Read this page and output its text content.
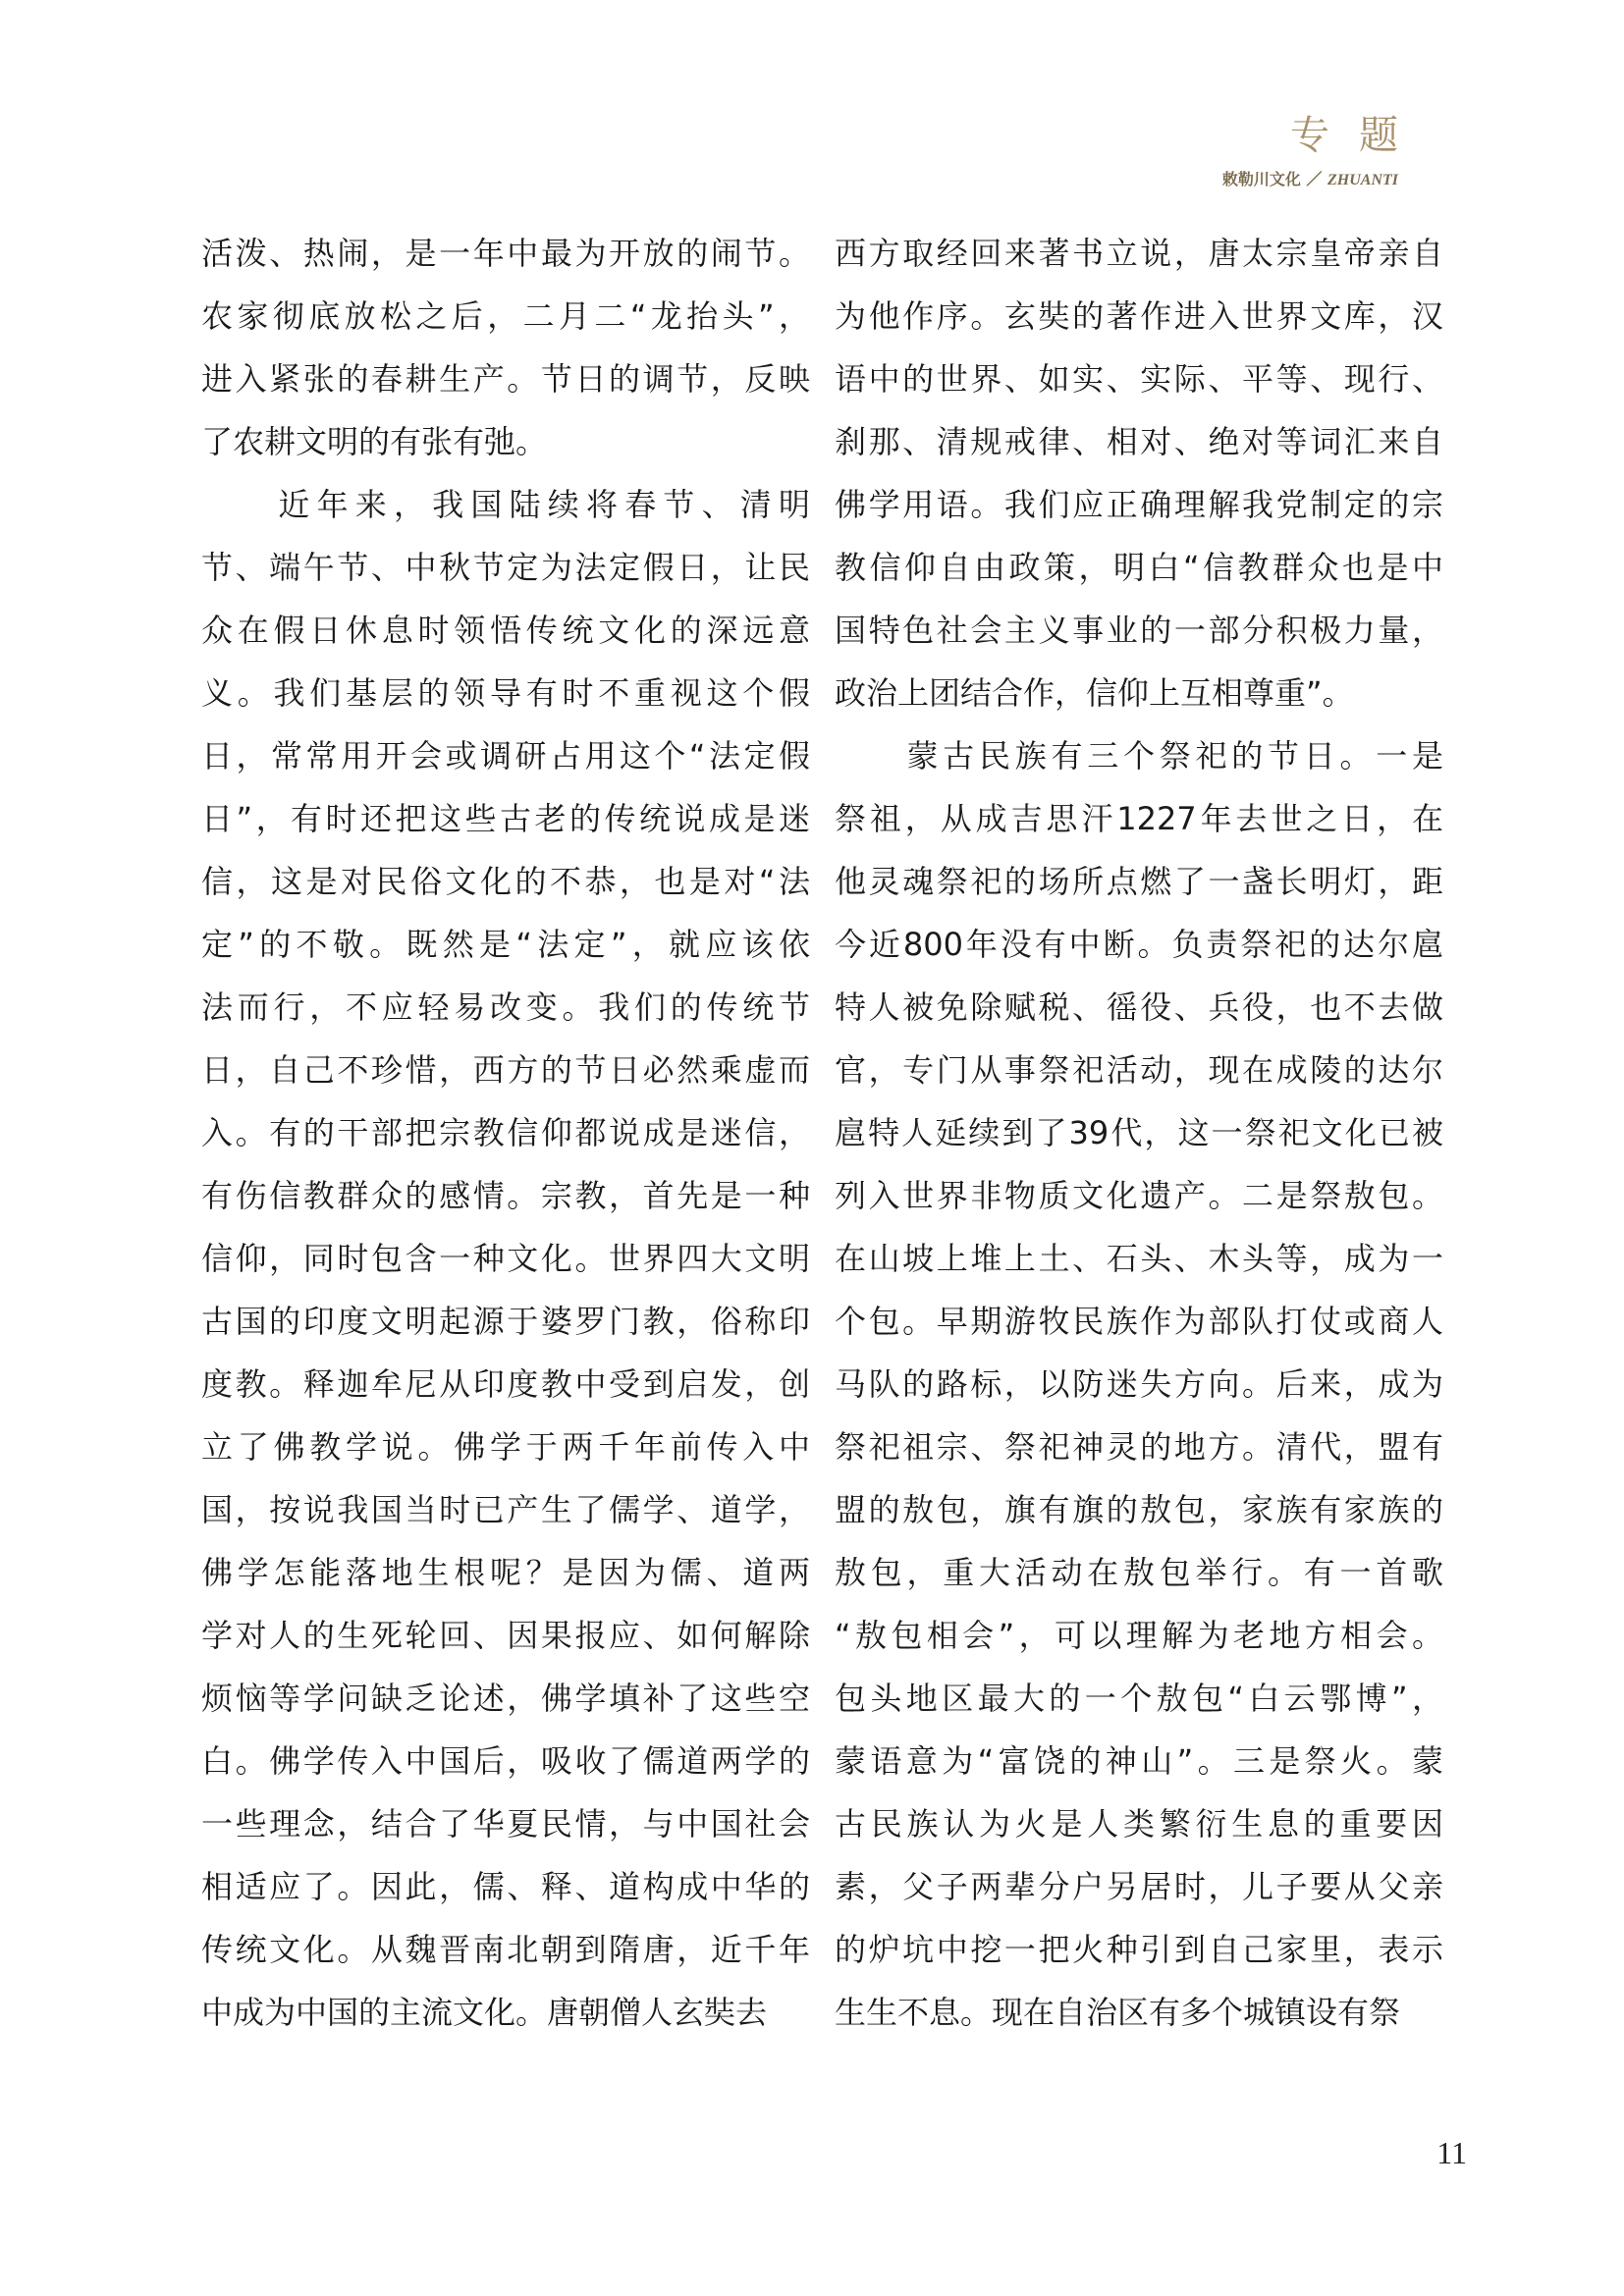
专题
敕勒川文化 ／ ZHUANTI
活泼、热闹，是一年中最为开放的闹节。
农家彻底放松之后，二月二“龙抬头”，
进入紧张的春耕生产。节日的调节，反映
了农耕文明的有张有弛。
　　近年来，我国陆续将春节、清明
节、端午节、中秋节定为法定假日，让民
众在假日休息时领悟传统文化的深远意
义。我们基层的领导有时不重视这个假
日，常常用开会或调研占用这个“法定假
日”，有时还把这些古老的传统说成是迷
信，这是对民俗文化的不恭，也是对“法
定”的不敬。既然是“法定”，就应该依
法而行，不应轻易改变。我们的传统节
日，自己不珍惜，西方的节日必然乘虚而
入。有的干部把宗教信仰都说成是迷信，
有伤信教群众的感情。宗教，首先是一种
信仰，同时包含一种文化。世界四大文明
古国的印度文明起源于婆罗门教，俗称印
度教。释迦牟尼从印度教中受到启发，创
立了佛教学说。佛学于两千年前传入中
国，按说我国当时已产生了儒学、道学，
佛学怎能落地生根呢？是因为儒、道两
学对人的生死轮回、因果报应、如何解除
烦恼等学问缺乏论述，佛学填补了这些空
白。佛学传入中国后，吸收了儒道两学的
一些理念，结合了华夏民情，与中国社会
相适应了。因此，儒、释、道构成中华的
传统文化。从魏晋南北朝到隋唐，近千年
中成为中国的主流文化。唐朝僧人玄奘去
西方取经回来著书立说，唐太宗皇帝亲自
为他作序。玄奘的著作进入世界文库，汉
语中的世界、如实、实际、平等、现行、
刹那、清规戒律、相对、绝对等词汇来自
佛学用语。我们应正确理解我党制定的宗
教信仰自由政策，明白“信教群众也是中
国特色社会主义事业的一部分积极力量，
政治上团结合作，信仰上互相尊重”。
　　蒙古民族有三个祭祀的节日。一是
祭祖，从成吉思汗1227年去世之日，在
他灵魂祭祀的场所点燃了一盏长明灯，距
今近800年没有中断。负责祭祀的达尔扈
特人被免除赋税、徭役、兵役，也不去做
官，专门从事祭祀活动，现在成陵的达尔
扈特人延续到了39代，这一祭祀文化已被
列入世界非物质文化遗产。二是祭敖包。
在山坡上堆上土、石头、木头等，成为一
个包。早期游牧民族作为部队打仗或商人
马队的路标，以防迷失方向。后来，成为
祭祀祖宗、祭祀神灵的地方。清代，盟有
盟的敖包，旗有旗的敖包，家族有家族的
敖包，重大活动在敖包举行。有一首歌
“敖包相会”，可以理解为老地方相会。
包头地区最大的一个敖包“白云鄂博”，
蒙语意为“富饶的神山”。三是祭火。蒙
古民族认为火是人类繁衍生息的重要因
素，父子两辈分户另居时，儿子要从父亲
的炉坑中挖一把火种引到自己家里，表示
生生不息。现在自治区有多个城镇设有祭
11
